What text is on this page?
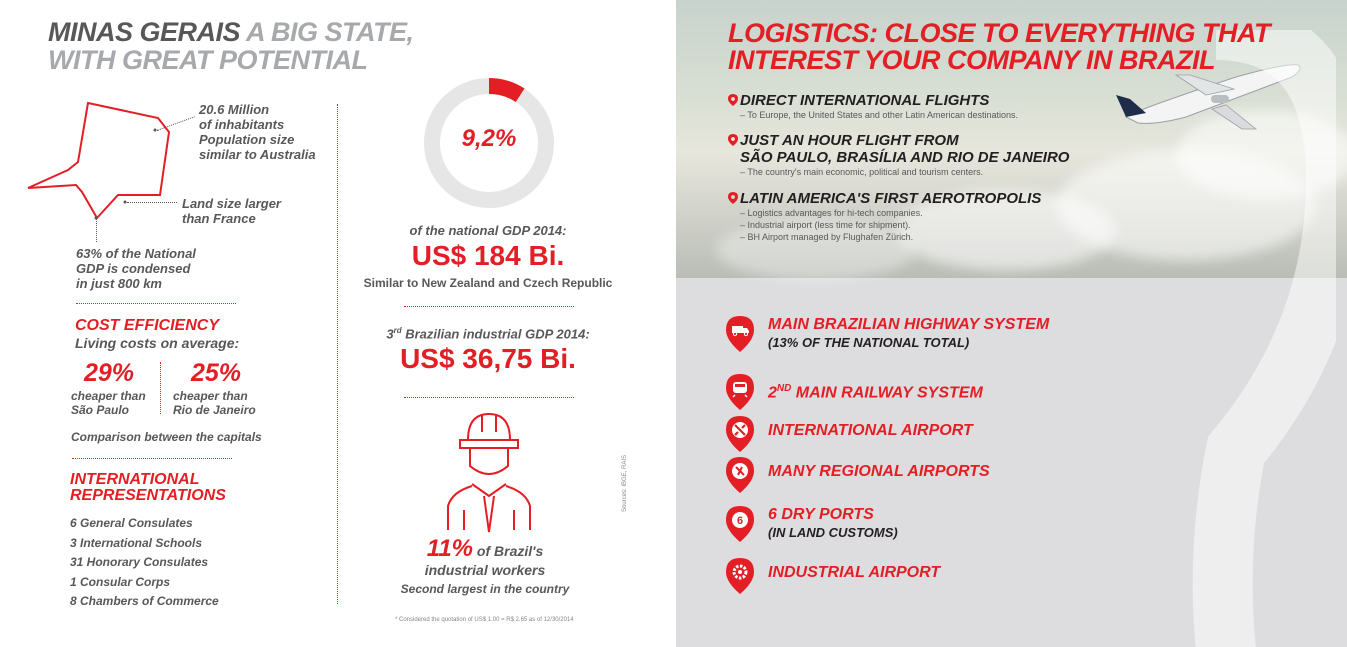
MINAS GERAIS A BIG STATE,
WITH GREAT POTENTIAL
20.6 Million
of inhabitants
Population size
similar to Australia
Land size larger
than France
63% of the National
GDP is condensed
in just 800 km
COST EFFICIENCY
Living costs on average:
29%
cheaper than
São Paulo
25%
cheaper than
Rio de Janeiro
Comparison between the capitals
INTERNATIONAL
REPRESENTATIONS
6 General Consulates
3 International Schools
31 Honorary Consulates
1 Consular Corps
8 Chambers of Commerce
9,2%
of the national GDP 2014:
US$ 184 Bi.
Similar to New Zealand and Czech Republic
3rd Brazilian industrial GDP 2014:
US$ 36,75 Bi.
11% of Brazil's
industrial workers
Second largest in the country
Sources: IBGE, RAIS
* Considered the quotation of US$ 1.00 = R$ 2.65 as of 12/30/2014
LOGISTICS: CLOSE TO EVERYTHING THAT
INTEREST YOUR COMPANY IN BRAZIL
DIRECT INTERNATIONAL FLIGHTS
– To Europe, the United States and other Latin American destinations.
JUST AN HOUR FLIGHT FROM
SÃO PAULO, BRASÍLIA AND RIO DE JANEIRO
– The country's main economic, political and tourism centers.
LATIN AMERICA'S FIRST AEROTROPOLIS
– Logistics advantages for hi-tech companies.
– Industrial airport (less time for shipment).
– BH Airport managed by Flughafen Zürich.
MAIN BRAZILIAN HIGHWAY SYSTEM
(13% OF THE NATIONAL TOTAL)
2ND MAIN RAILWAY SYSTEM
INTERNATIONAL AIRPORT
MANY REGIONAL AIRPORTS
6 6 DRY PORTS
(IN LAND CUSTOMS)
INDUSTRIAL AIRPORT
